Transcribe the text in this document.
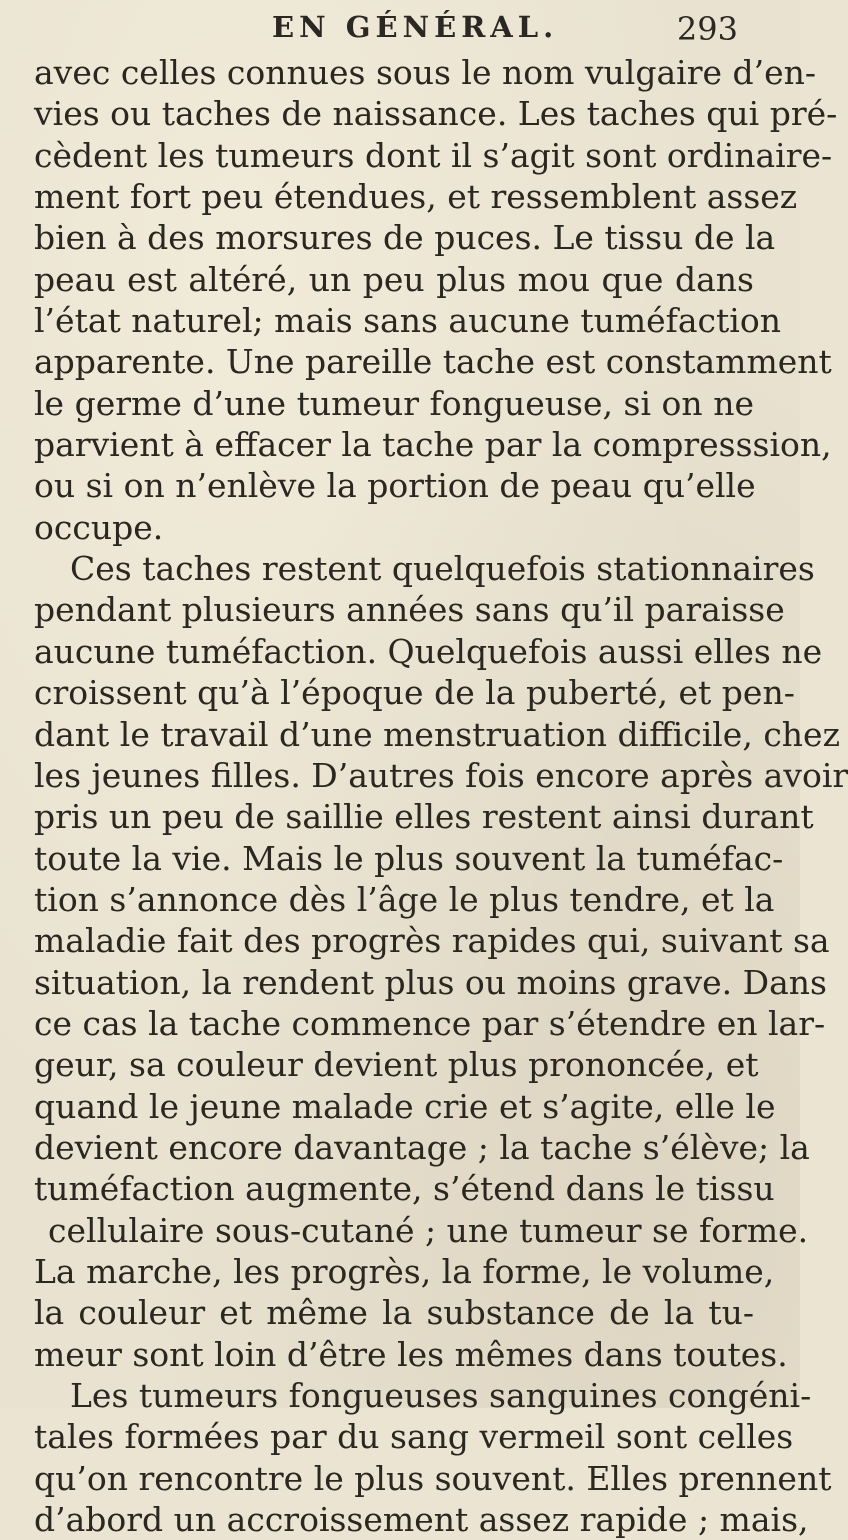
EN GÉNÉRAL.	293
avec celles connues sous le nom vulgaire d’en-
vies ou taches de naissance. Les taches qui pré-
cèdent les tumeurs dont il s’agit sont ordinaire-
ment fort peu étendues, et ressemblent assez
bien à des morsures de puces. Le tissu de la
peau est altéré, un peu plus mou que dans
l’état naturel; mais sans aucune tuméfaction
apparente. Une pareille tache est constamment
le germe d’une tumeur fongueuse, si on ne
parvient à effacer la tache par la compresssion,
ou si on n’enlève la portion de peau qu’elle
occupe.
Ces taches restent quelquefois stationnaires
pendant plusieurs années sans qu’il paraisse
aucune tuméfaction. Quelquefois aussi elles ne
croissent qu’à l’époque de la puberté, et pen-
dant le travail d’une menstruation difficile, chez
les jeunes filles. D’autres fois encore après avoir
pris un peu de saillie elles restent ainsi durant
toute la vie. Mais le plus souvent la tuméfac-
tion s’annonce dès l’âge le plus tendre, et la
maladie fait des progrès rapides qui, suivant sa
situation, la rendent plus ou moins grave. Dans
ce cas la tache commence par s’étendre en lar-
geur, sa couleur devient plus prononcée, et
quand le jeune malade crie et s’agite, elle le
devient encore davantage ; la tache s’élève; la
tuméfaction augmente, s’étend dans le tissu
cellulaire sous-cutané ; une tumeur se forme.
La marche, les progrès, la forme, le volume,
la couleur et même la substance de la tu-
meur sont loin d’être les mêmes dans toutes.
Les tumeurs fongueuses sanguines congéni-
tales formées par du sang vermeil sont celles
qu’on rencontre le plus souvent. Elles prennent
d’abord un accroissement assez rapide ; mais,
